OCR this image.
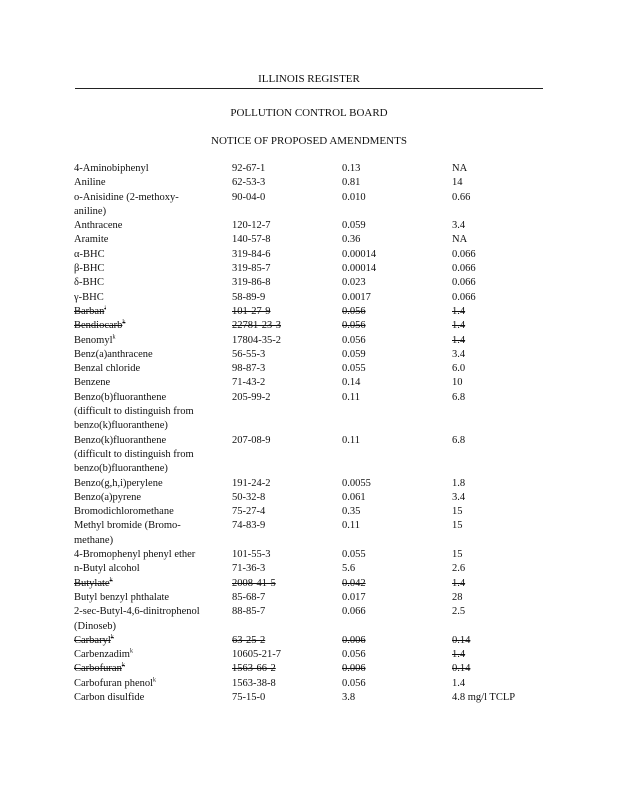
ILLINOIS REGISTER
POLLUTION CONTROL BOARD
NOTICE OF PROPOSED AMENDMENTS
4-Aminobiphenyl	92-67-1	0.13	NA
Aniline	62-53-3	0.81	14
o-Anisidine (2-methoxy-	90-04-0	0.010	0.66
aniline)
Anthracene	120-12-7	0.059	3.4
Aramite	140-57-8	0.36	NA
α-BHC	319-84-6	0.00014	0.066
β-BHC	319-85-7	0.00014	0.066
δ-BHC	319-86-8	0.023	0.066
γ-BHC	58-89-9	0.0017	0.066
Barban$^i$	101-27-9	0.056	1.4
Bendiocarb$^k$	22781-23-3	0.056	1.4
Benomyl$^k$	17804-35-2	0.056	1.4
Benz(a)anthracene	56-55-3	0.059	3.4
Benzal chloride	98-87-3	0.055	6.0
Benzene	71-43-2	0.14	10
Benzo(b)fluoranthene	205-99-2	0.11	6.8
(difficult to distinguish from
benzo(k)fluoranthene)
Benzo(k)fluoranthene	207-08-9	0.11	6.8
(difficult to distinguish from
benzo(b)fluoranthene)
Benzo(g,h,i)perylene	191-24-2	0.0055	1.8
Benzo(a)pyrene	50-32-8	0.061	3.4
Bromodichloromethane	75-27-4	0.35	15
Methyl bromide (Bromo-	74-83-9	0.11	15
methane)
4-Bromophenyl phenyl ether	101-55-3	0.055	15
n-Butyl alcohol	71-36-3	5.6	2.6
Butylate$^k$	2008-41-5	0.042	1.4
Butyl benzyl phthalate	85-68-7	0.017	28
2-sec-Butyl-4,6-dinitrophenol	88-85-7	0.066	2.5
(Dinoseb)
Carbaryl$^k$	63-25-2	0.006	0.14
Carbenzadim$^k$	10605-21-7	0.056	1.4
Carbofuran$^k$	1563-66-2	0.006	0.14
Carbofuran phenol$^k$	1563-38-8	0.056	1.4
Carbon disulfide	75-15-0	3.8	4.8 mg/l TCLP
